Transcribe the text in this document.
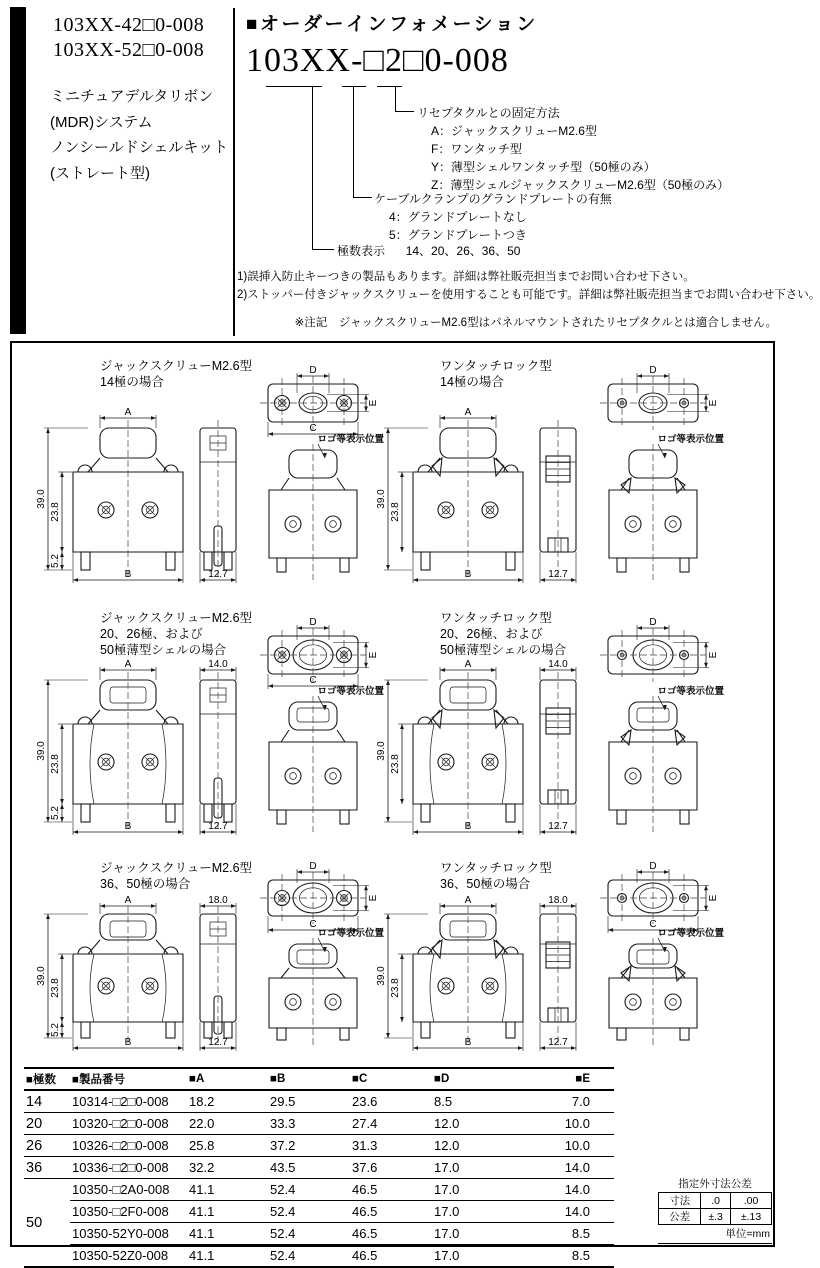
103XX-42□0-008
103XX-52□0-008
ミニチュアデルタリボン
(MDR)システム
ノンシールドシェルキット
(ストレート型)
■オーダーインフォメーション
103XX-□2□0-008
リセプタクルとの固定方法
A：ジャックスクリューM2.6型
F：ワンタッチ型
Y：薄型シェルワンタッチ型（50極のみ）
Z：薄型シェルジャックスクリューM2.6型（50極のみ）
ケーブルクランプのグランドプレートの有無
4：グランドプレートなし
5：グランドプレートつき
極数表示 14、20、26、36、50
1)誤挿入防止キーつきの製品もあります。詳細は弊社販売担当までお問い合わせ下さい。
2)ストッパー付きジャックスクリューを使用することも可能です。詳細は弊社販売担当までお問い合わせ下さい。
※注記　ジャックスクリューM2.6型はパネルマウントされたリセプタクルとは適合しません。
ジャックスクリューM2.6型
14極の場合
A
B
39.0
23.8
5.2
12.7
D
E
C
ロゴ等表示位置
ワンタッチロック型
14極の場合
A
B
39.0
23.8
12.7
D
E
ロゴ等表示位置
ジャックスクリューM2.6型
20、26極、および
50極薄型シェルの場合
A
B
39.0
23.8
5.2
12.7
14.0
D
E
C
ロゴ等表示位置
ワンタッチロック型
20、26極、および
50極薄型シェルの場合
A
B
39.0
23.8
12.7
14.0
D
E
ロゴ等表示位置
ジャックスクリューM2.6型
36、50極の場合
A
B
39.0
23.8
5.2
12.7
18.0
D
E
C
ロゴ等表示位置
ワンタッチロック型
36、50極の場合
A
B
39.0
23.8
12.7
18.0
D
E
C
ロゴ等表示位置
■極数	■製品番号	■A	■B	■C	■D	■E
14	10314-□2□0-008	18.2	29.5	23.6	8.5	7.0
20	10320-□2□0-008	22.0	33.3	27.4	12.0	10.0
26	10326-□2□0-008	25.8	37.2	31.3	12.0	10.0
36	10336-□2□0-008	32.2	43.5	37.6	17.0	14.0
50	10350-□2A0-008	41.1	52.4	46.5	17.0	14.0
	10350-□2F0-008	41.1	52.4	46.5	17.0	14.0
	10350-52Y0-008	41.1	52.4	46.5	17.0	8.5
	10350-52Z0-008	41.1	52.4	46.5	17.0	8.5
指定外寸法公差
寸法	.0	.00
公差	±.3	±.13
単位=mm
